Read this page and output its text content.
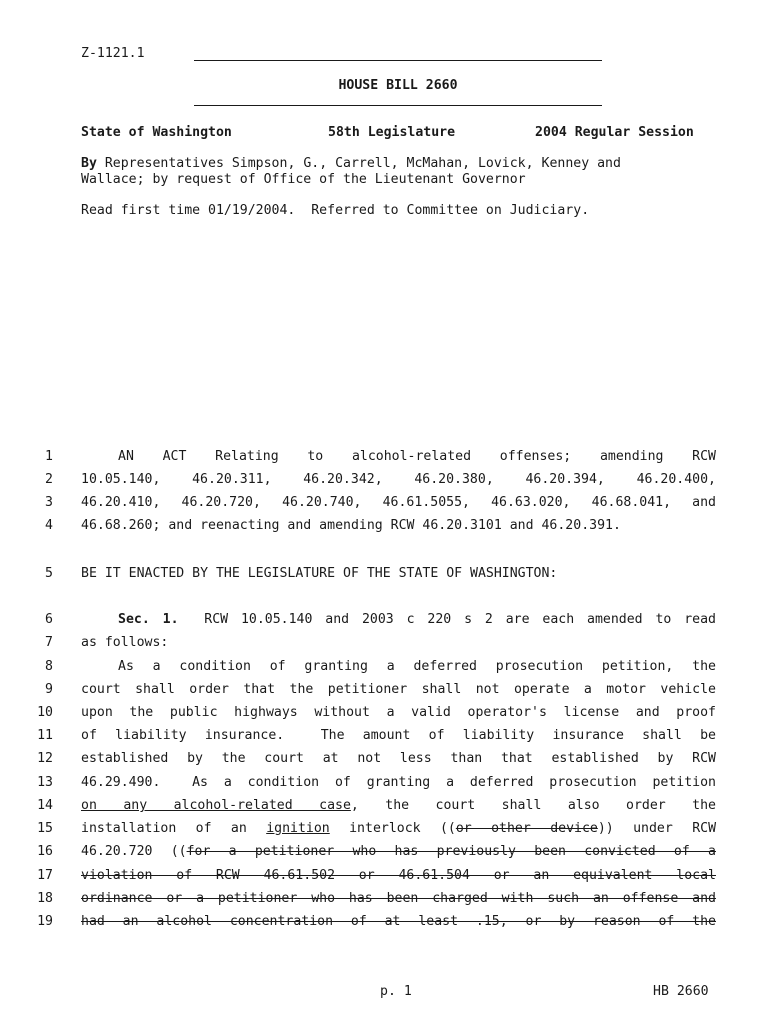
Z-1121.1
HOUSE BILL 2660
State of Washington	58th Legislature	2004 Regular Session
By Representatives Simpson, G., Carrell, McMahan, Lovick, Kenney and
Wallace; by request of Office of the Lieutenant Governor
Read first time 01/19/2004.  Referred to Committee on Judiciary.
1	AN ACT Relating to alcohol-related offenses; amending RCW
2 10.05.140, 46.20.311, 46.20.342, 46.20.380, 46.20.394, 46.20.400,
3 46.20.410, 46.20.720, 46.20.740, 46.61.5055, 46.63.020, 46.68.041, and
4 46.68.260; and reenacting and amending RCW 46.20.3101 and 46.20.391.
5 BE IT ENACTED BY THE LEGISLATURE OF THE STATE OF WASHINGTON:
6	Sec. 1.  RCW 10.05.140 and 2003 c 220 s 2 are each amended to read
7 as follows:
8	As a condition of granting a deferred prosecution petition, the
9 court shall order that the petitioner shall not operate a motor vehicle
10 upon the public highways without a valid operator's license and proof
11 of liability insurance.  The amount of liability insurance shall be
12 established by the court at not less than that established by RCW
13 46.29.490.  As a condition of granting a deferred prosecution petition
14 on any alcohol-related case, the court shall also order the
15 installation of an ignition interlock ((or other device)) under RCW
16 46.20.720 ((for a petitioner who has previously been convicted of a
17 violation of RCW 46.61.502 or 46.61.504 or an equivalent local
18 ordinance or a petitioner who has been charged with such an offense and
19 had an alcohol concentration of at least .15, or by reason of the
p. 1	HB 2660
